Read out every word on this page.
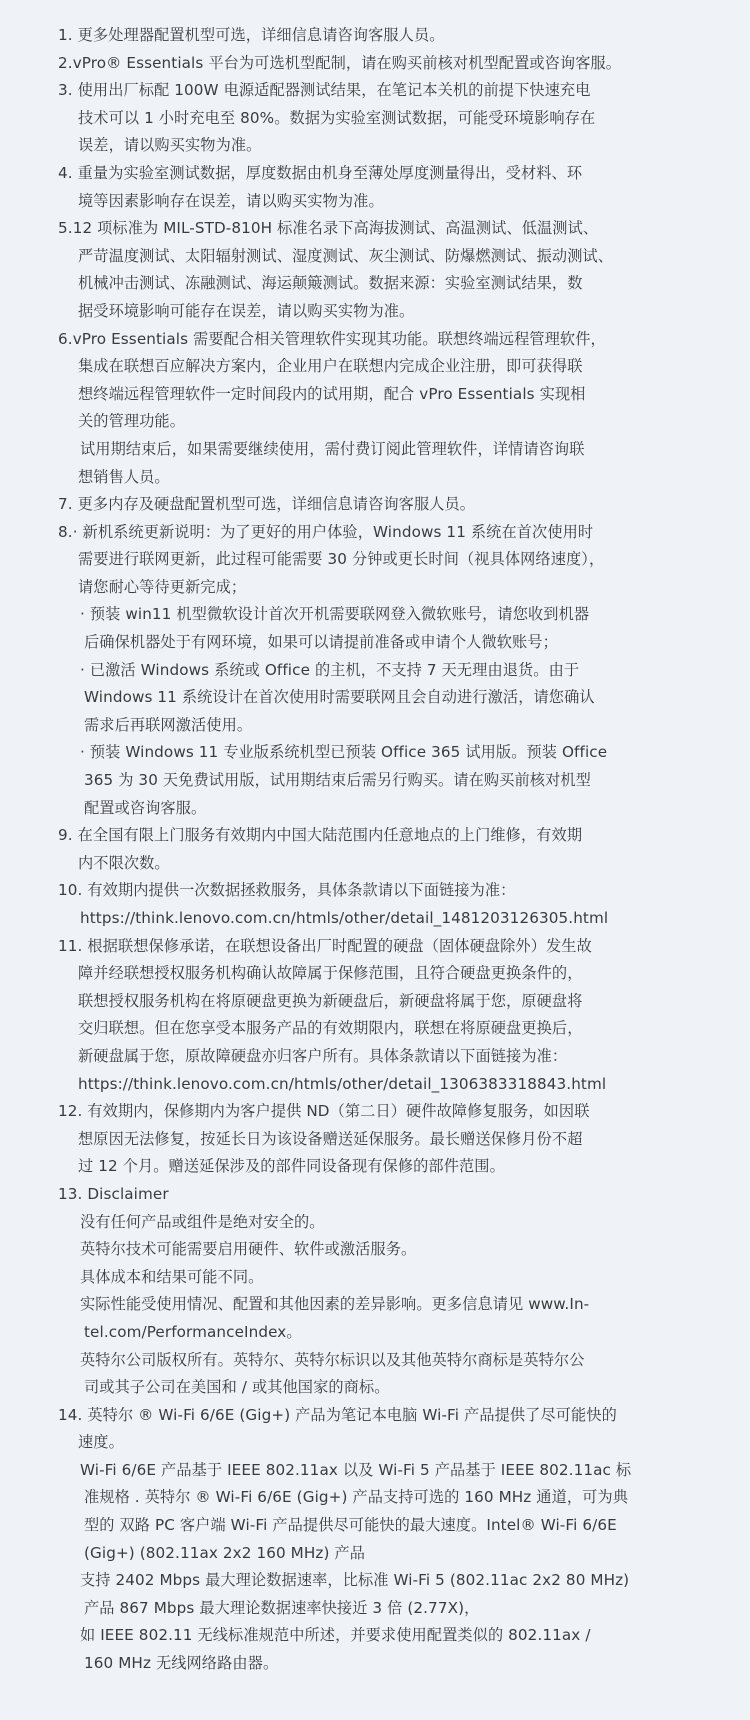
1. 更多处理器配置机型可选，详细信息请咨询客服人员。
2.vPro® Essentials 平台为可选机型配制，请在购买前核对机型配置或咨询客服。
3. 使用出厂标配 100W 电源适配器测试结果，在笔记本关机的前提下快速充电
技术可以 1 小时充电至 80%。数据为实验室测试数据，可能受环境影响存在
误差，请以购买实物为准。
4. 重量为实验室测试数据，厚度数据由机身至薄处厚度测量得出，受材料、环
境等因素影响存在误差，请以购买实物为准。
5.12 项标准为 MIL-STD-810H 标准名录下高海拔测试、高温测试、低温测试、
严苛温度测试、太阳辐射测试、湿度测试、灰尘测试、防爆燃测试、振动测试、
机械冲击测试、冻融测试、海运颠簸测试。数据来源：实验室测试结果，数
据受环境影响可能存在误差，请以购买实物为准。
6.vPro Essentials 需要配合相关管理软件实现其功能。联想终端远程管理软件，
集成在联想百应解决方案内，企业用户在联想内完成企业注册，即可获得联
想终端远程管理软件一定时间段内的试用期，配合 vPro Essentials 实现相
关的管理功能。
试用期结束后，如果需要继续使用，需付费订阅此管理软件，详情请咨询联
想销售人员。
7. 更多内存及硬盘配置机型可选，详细信息请咨询客服人员。
8.· 新机系统更新说明：为了更好的用户体验，Windows 11 系统在首次使用时
需要进行联网更新，此过程可能需要 30 分钟或更长时间（视具体网络速度），
请您耐心等待更新完成；
· 预装 win11 机型微软设计首次开机需要联网登入微软账号，请您收到机器
后确保机器处于有网环境，如果可以请提前准备或申请个人微软账号；
· 已激活 Windows 系统或 Office 的主机，不支持 7 天无理由退货。由于
Windows 11 系统设计在首次使用时需要联网且会自动进行激活，请您确认
需求后再联网激活使用。
· 预装 Windows 11 专业版系统机型已预装 Office 365 试用版。预装 Office
365 为 30 天免费试用版，试用期结束后需另行购买。请在购买前核对机型
配置或咨询客服。
9. 在全国有限上门服务有效期内中国大陆范围内任意地点的上门维修，有效期
内不限次数。
10. 有效期内提供一次数据拯救服务，具体条款请以下面链接为准：
https://think.lenovo.com.cn/htmls/other/detail_1481203126305.html
11. 根据联想保修承诺，在联想设备出厂时配置的硬盘（固体硬盘除外）发生故
障并经联想授权服务机构确认故障属于保修范围，且符合硬盘更换条件的，
联想授权服务机构在将原硬盘更换为新硬盘后，新硬盘将属于您，原硬盘将
交归联想。但在您享受本服务产品的有效期限内，联想在将原硬盘更换后，
新硬盘属于您，原故障硬盘亦归客户所有。具体条款请以下面链接为准：
https://think.lenovo.com.cn/htmls/other/detail_1306383318843.html
12. 有效期内，保修期内为客户提供 ND（第二日）硬件故障修复服务，如因联
想原因无法修复，按延长日为该设备赠送延保服务。最长赠送保修月份不超
过 12 个月。赠送延保涉及的部件同设备现有保修的部件范围。
13. Disclaimer
没有任何产品或组件是绝对安全的。
英特尔技术可能需要启用硬件、软件或激活服务。
具体成本和结果可能不同。
实际性能受使用情况、配置和其他因素的差异影响。更多信息请见 www.In-
tel.com/PerformanceIndex。
英特尔公司版权所有。英特尔、英特尔标识以及其他英特尔商标是英特尔公
司或其子公司在美国和 / 或其他国家的商标。
14. 英特尔 ® Wi-Fi 6/6E (Gig+) 产品为笔记本电脑 Wi-Fi 产品提供了尽可能快的
速度。
Wi-Fi 6/6E 产品基于 IEEE 802.11ax 以及 Wi-Fi 5 产品基于 IEEE 802.11ac 标
准规格 . 英特尔 ® Wi-Fi 6/6E (Gig+) 产品支持可选的 160 MHz 通道，可为典
型的 双路 PC 客户端 Wi-Fi 产品提供尽可能快的最大速度。Intel® Wi-Fi 6/6E
(Gig+) (802.11ax 2x2 160 MHz) 产品
支持 2402 Mbps 最大理论数据速率，比标准 Wi-Fi 5 (802.11ac 2x2 80 MHz)
产品 867 Mbps 最大理论数据速率快接近 3 倍 (2.77X)，
如 IEEE 802.11 无线标准规范中所述，并要求使用配置类似的 802.11ax /
160 MHz 无线网络路由器。
